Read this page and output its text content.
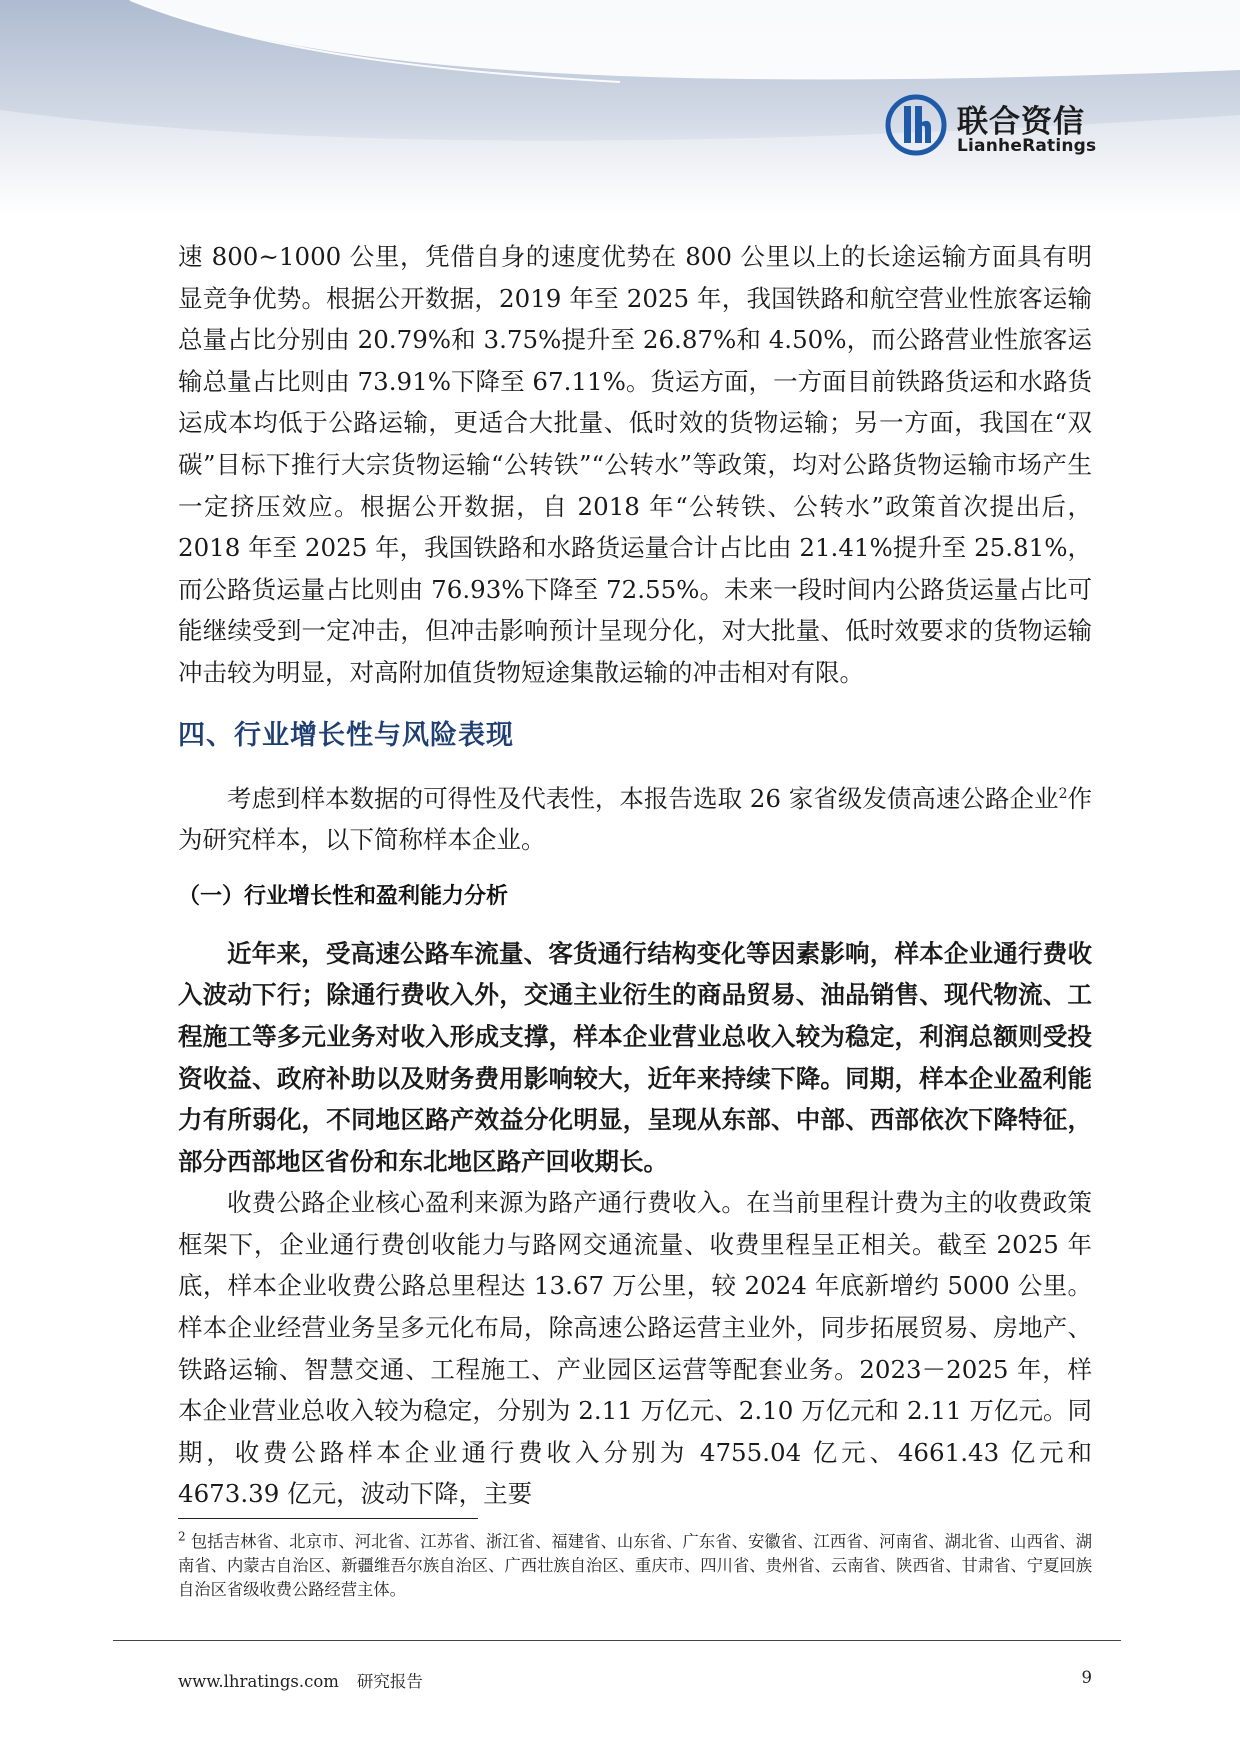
联合资信
LianheRatings

速 800~1000 公里，凭借自身的速度优势在 800 公里以上的长途运输方面具有明显竞争优势。根据公开数据，2019 年至 2025 年，我国铁路和航空营业性旅客运输总量占比分别由 20.79%和 3.75%提升至 26.87%和 4.50%，而公路营业性旅客运输总量占比则由 73.91%下降至 67.11%。货运方面，一方面目前铁路货运和水路货运成本均低于公路运输，更适合大批量、低时效的货物运输；另一方面，我国在“双碳”目标下推行大宗货物运输“公转铁”“公转水”等政策，均对公路货物运输市场产生一定挤压效应。根据公开数据，自 2018 年“公转铁、公转水”政策首次提出后，2018 年至 2025 年，我国铁路和水路货运量合计占比由 21.41%提升至 25.81%，而公路货运量占比则由 76.93%下降至 72.55%。未来一段时间内公路货运量占比可能继续受到一定冲击，但冲击影响预计呈现分化，对大批量、低时效要求的货物运输冲击较为明显，对高附加值货物短途集散运输的冲击相对有限。

四、行业增长性与风险表现

考虑到样本数据的可得性及代表性，本报告选取 26 家省级发债高速公路企业$^2$作为研究样本，以下简称样本企业。

（一）行业增长性和盈利能力分析

近年来，受高速公路车流量、客货通行结构变化等因素影响，样本企业通行费收入波动下行；除通行费收入外，交通主业衍生的商品贸易、油品销售、现代物流、工程施工等多元业务对收入形成支撑，样本企业营业总收入较为稳定，利润总额则受投资收益、政府补助以及财务费用影响较大，近年来持续下降。同期，样本企业盈利能力有所弱化，不同地区路产效益分化明显，呈现从东部、中部、西部依次下降特征，部分西部地区省份和东北地区路产回收期长。

收费公路企业核心盈利来源为路产通行费收入。在当前里程计费为主的收费政策框架下，企业通行费创收能力与路网交通流量、收费里程呈正相关。截至 2025 年底，样本企业收费公路总里程达 13.67 万公里，较 2024 年底新增约 5000 公里。样本企业经营业务呈多元化布局，除高速公路运营主业外，同步拓展贸易、房地产、铁路运输、智慧交通、工程施工、产业园区运营等配套业务。2023－2025 年，样本企业营业总收入较为稳定，分别为 2.11 万亿元、2.10 万亿元和 2.11 万亿元。同期，收费公路样本企业通行费收入分别为 4755.04 亿元、4661.43 亿元和 4673.39 亿元，波动下降，主要

$^2$ 包括吉林省、北京市、河北省、江苏省、浙江省、福建省、山东省、广东省、安徽省、江西省、河南省、湖北省、山西省、湖南省、内蒙古自治区、新疆维吾尔族自治区、广西壮族自治区、重庆市、四川省、贵州省、云南省、陕西省、甘肃省、宁夏回族自治区省级收费公路经营主体。

www.lhratings.com 研究报告	9
